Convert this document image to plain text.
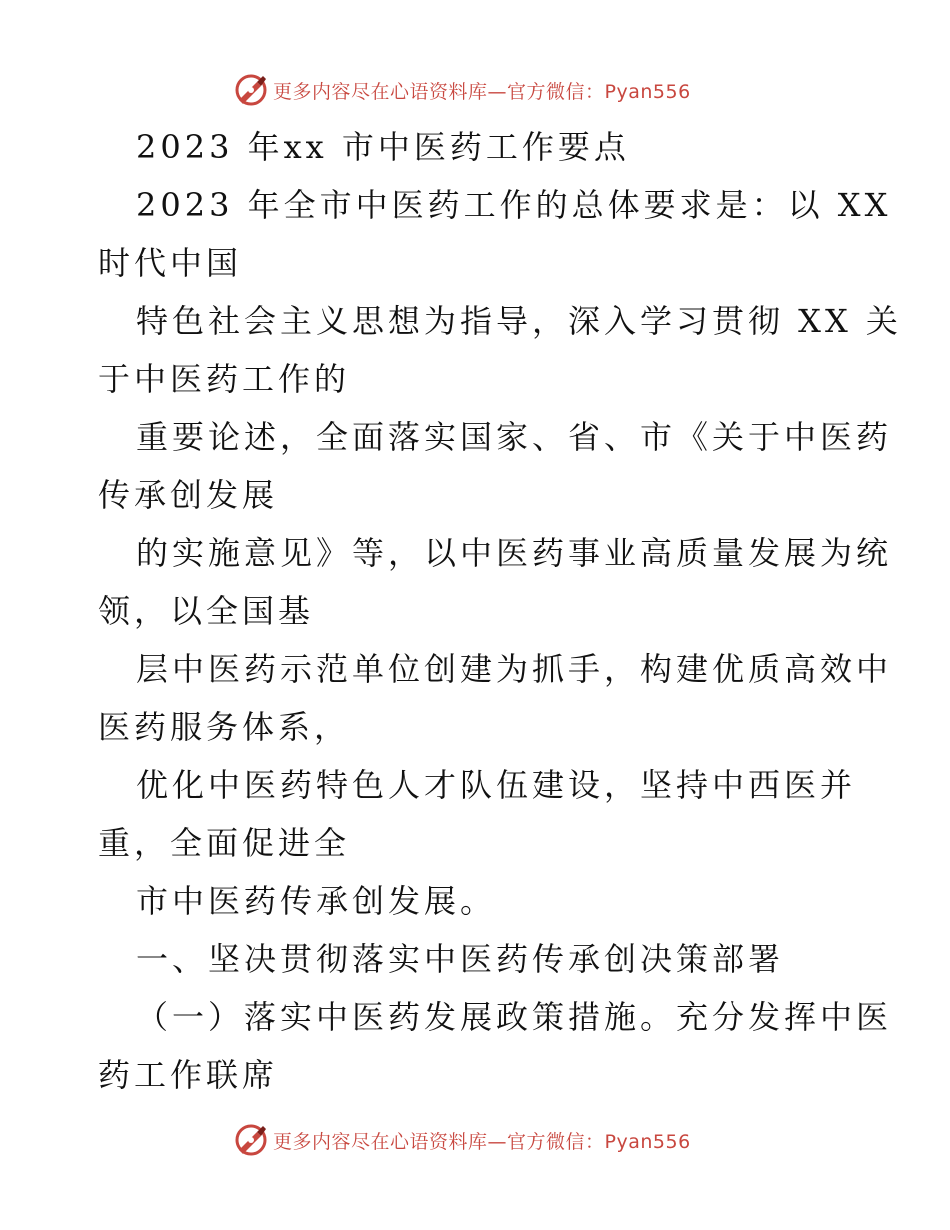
更多内容尽在心语资料库—官方微信：Pyan556
2023 年xx 市中医药工作要点
2023 年全市中医药工作的总体要求是：以 XX
时代中国
特色社会主义思想为指导，深入学习贯彻 XX 关
于中医药工作的
重要论述，全面落实国家、省、市《关于中医药
传承创发展
的实施意见》等，以中医药事业高质量发展为统
领，以全国基
层中医药示范单位创建为抓手，构建优质高效中
医药服务体系，
优化中医药特色人才队伍建设，坚持中西医并
重，全面促进全
市中医药传承创发展。
一、坚决贯彻落实中医药传承创决策部署
（一）落实中医药发展政策措施。充分发挥中医
药工作联席
更多内容尽在心语资料库—官方微信：Pyan556
